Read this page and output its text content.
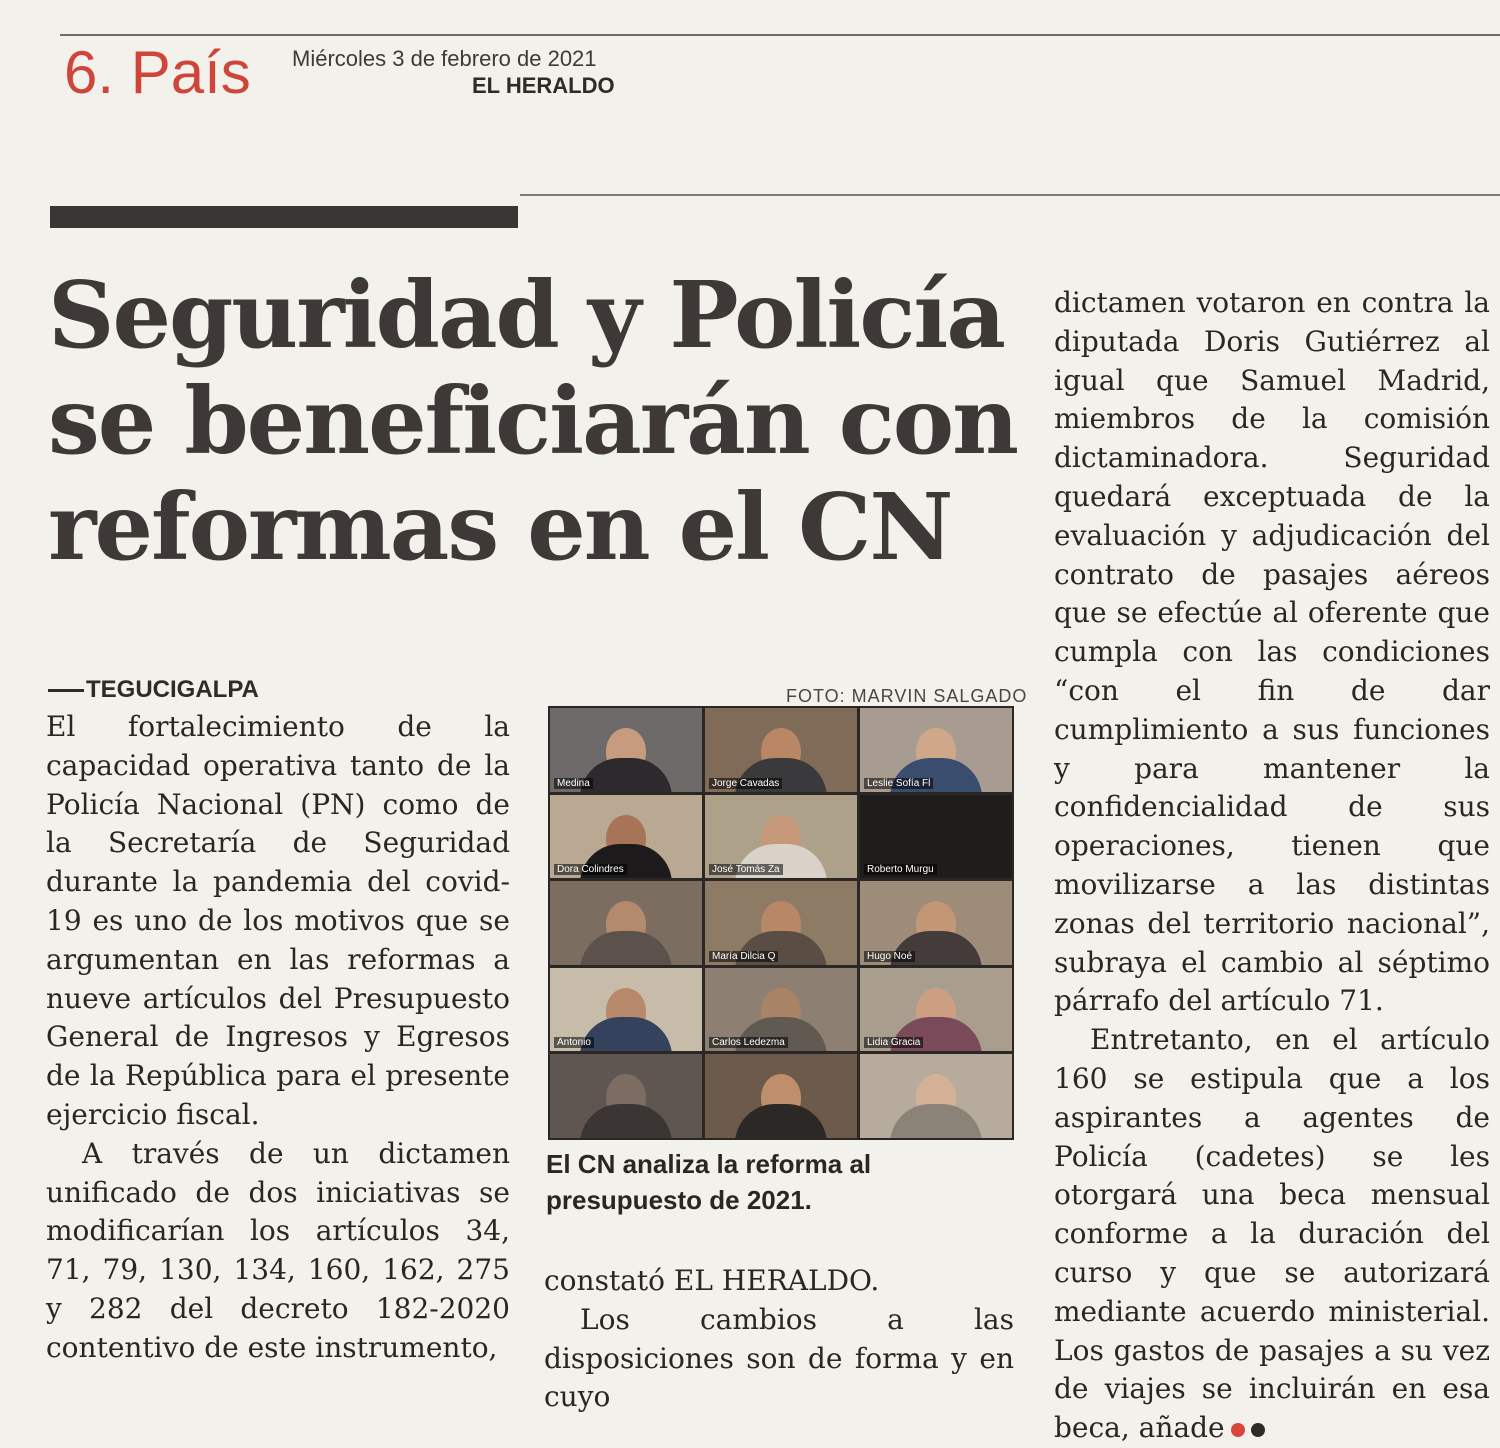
6. País Miércoles 3 de febrero de 2021
EL HERALDO
Seguridad y Policía
se beneficiarán con
reformas en el CN
TEGUCIGALPA

El fortalecimiento de la capacidad operativa tanto de la Policía Nacional (PN) como de la Secretaría de Seguridad durante la pandemia del covid-19 es uno de los motivos que se argumentan en las reformas a nueve artículos del Presupuesto General de Ingresos y Egresos de la República para el presente ejercicio fiscal.

A través de un dictamen unificado de dos iniciativas se modificarían los artículos 34, 71, 79, 130, 134, 160, 162, 275 y 282 del decreto 182-2020 contentivo de este instrumento,

FOTO: MARVIN SALGADO
Medina	Jorge Cavadas	Leslie Sofía Fl
Dora Colindres	José Tomás Za	Roberto Murgu
María Dilcia Q	Hugo Noé
Antonio	Carlos Ledezma	Lidia Gracia

El CN analiza la reforma al presupuesto de 2021.

constató EL HERALDO.

Los cambios a las disposiciones son de forma y en cuyo

dictamen votaron en contra la diputada Doris Gutiérrez al igual que Samuel Madrid, miembros de la comisión dictaminadora. Seguridad quedará exceptuada de la evaluación y adjudicación del contrato de pasajes aéreos que se efectúe al oferente que cumpla con las condiciones “con el fin de dar cumplimiento a sus funciones y para mantener la confidencialidad de sus operaciones, tienen que movilizarse a las distintas zonas del territorio nacional”, subraya el cambio al séptimo párrafo del artículo 71.

Entretanto, en el artículo 160 se estipula que a los aspirantes a agentes de Policía (cadetes) se les otorgará una beca mensual conforme a la duración del curso y que se autorizará mediante acuerdo ministerial. Los gastos de pasajes a su vez de viajes se incluirán en esa beca, añade
